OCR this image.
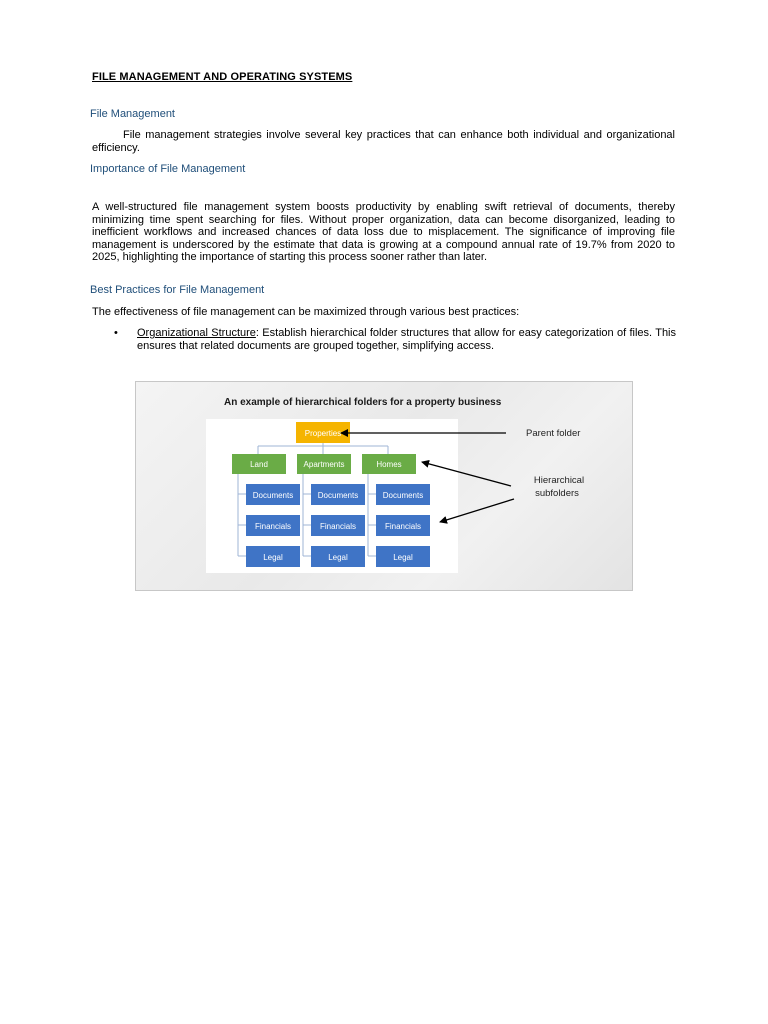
FILE MANAGEMENT AND OPERATING SYSTEMS
File Management
File management strategies involve several key practices that can enhance both individual and organizational efficiency.
Importance of File Management
A well-structured file management system boosts productivity by enabling swift retrieval of documents, thereby minimizing time spent searching for files. Without proper organization, data can become disorganized, leading to inefficient workflows and increased chances of data loss due to misplacement. The significance of improving file management is underscored by the estimate that data is growing at a compound annual rate of 19.7% from 2020 to 2025, highlighting the importance of starting this process sooner rather than later.
Best Practices for File Management
The effectiveness of file management can be maximized through various best practices:
• Organizational Structure: Establish hierarchical folder structures that allow for easy categorization of files. This ensures that related documents are grouped together, simplifying access.
An example of hierarchical folders for a property business
Properties
Land	Apartments	Homes
Documents
Financials
Legal
Documents
Financials
Legal
Documents
Financials
Legal
Parent folder
Hierarchical
subfolders
